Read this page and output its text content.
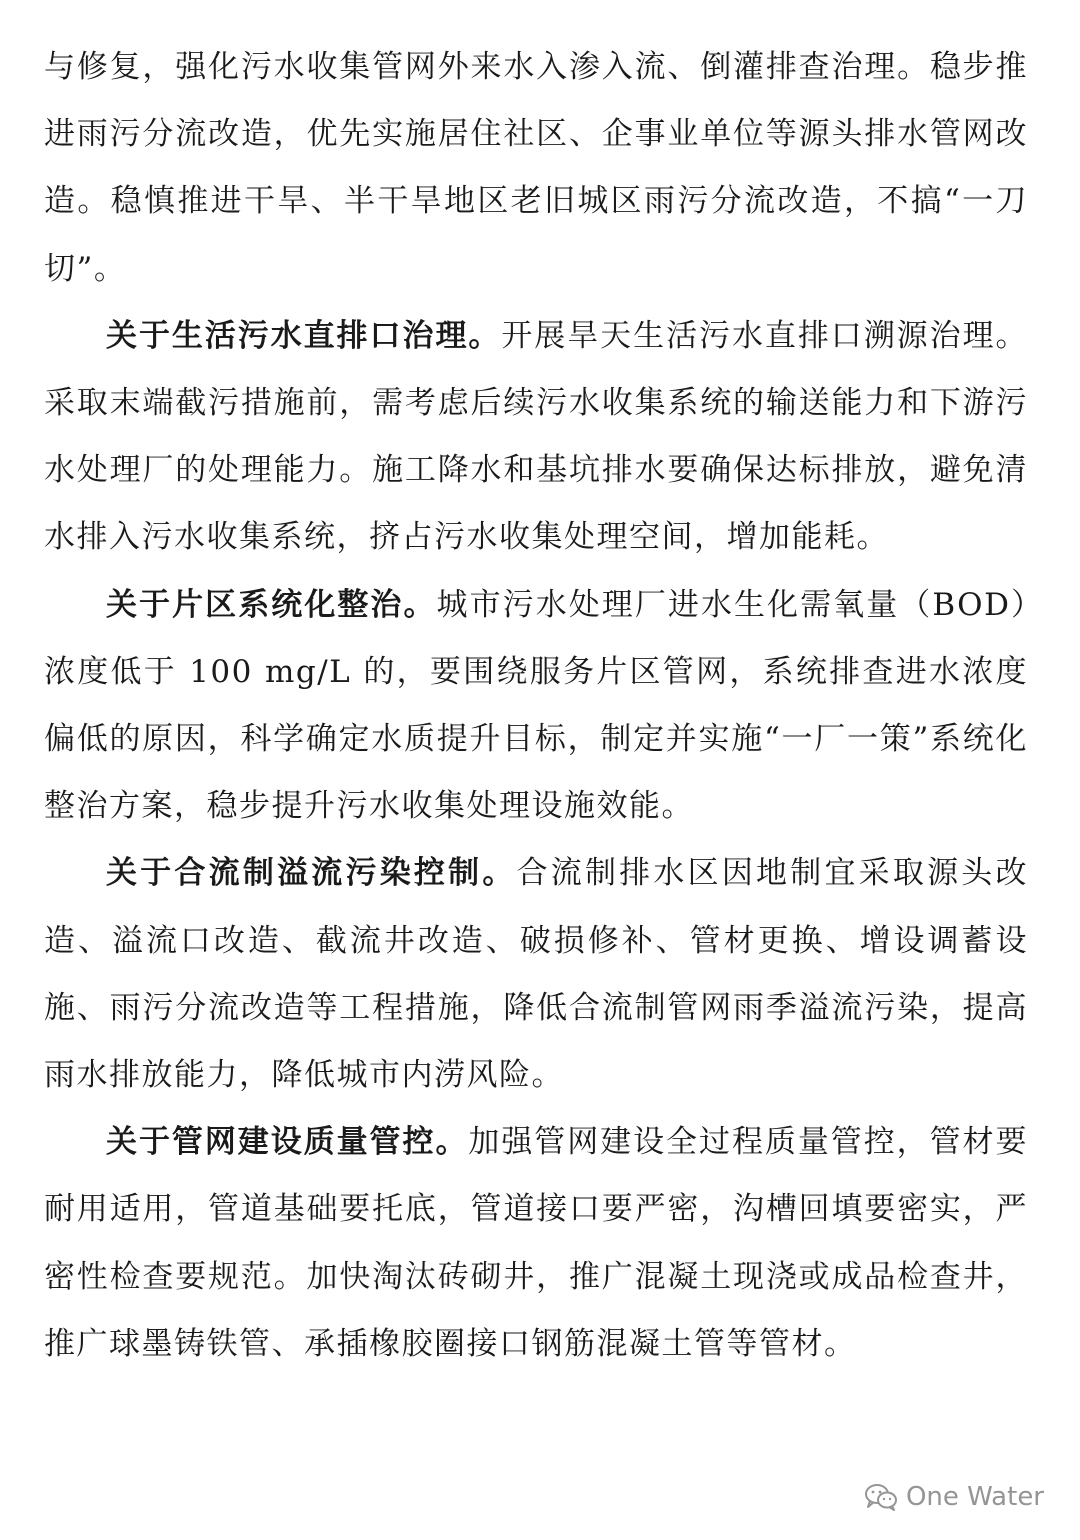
与修复，强化污水收集管网外来水入渗入流、倒灌排查治理。稳步推进雨污分流改造，优先实施居住社区、企事业单位等源头排水管网改造。稳慎推进干旱、半干旱地区老旧城区雨污分流改造，不搞“一刀切”。

关于生活污水直排口治理。开展旱天生活污水直排口溯源治理。采取末端截污措施前，需考虑后续污水收集系统的输送能力和下游污水处理厂的处理能力。施工降水和基坑排水要确保达标排放，避免清水排入污水收集系统，挤占污水收集处理空间，增加能耗。

关于片区系统化整治。城市污水处理厂进水生化需氧量（BOD）浓度低于 100 mg/L 的，要围绕服务片区管网，系统排查进水浓度偏低的原因，科学确定水质提升目标，制定并实施“一厂一策”系统化整治方案，稳步提升污水收集处理设施效能。

关于合流制溢流污染控制。合流制排水区因地制宜采取源头改造、溢流口改造、截流井改造、破损修补、管材更换、增设调蓄设施、雨污分流改造等工程措施，降低合流制管网雨季溢流污染，提高雨水排放能力，降低城市内涝风险。

关于管网建设质量管控。加强管网建设全过程质量管控，管材要耐用适用，管道基础要托底，管道接口要严密，沟槽回填要密实，严密性检查要规范。加快淘汰砖砌井，推广混凝土现浇或成品检查井，推广球墨铸铁管、承插橡胶圈接口钢筋混凝土管等管材。

One Water
